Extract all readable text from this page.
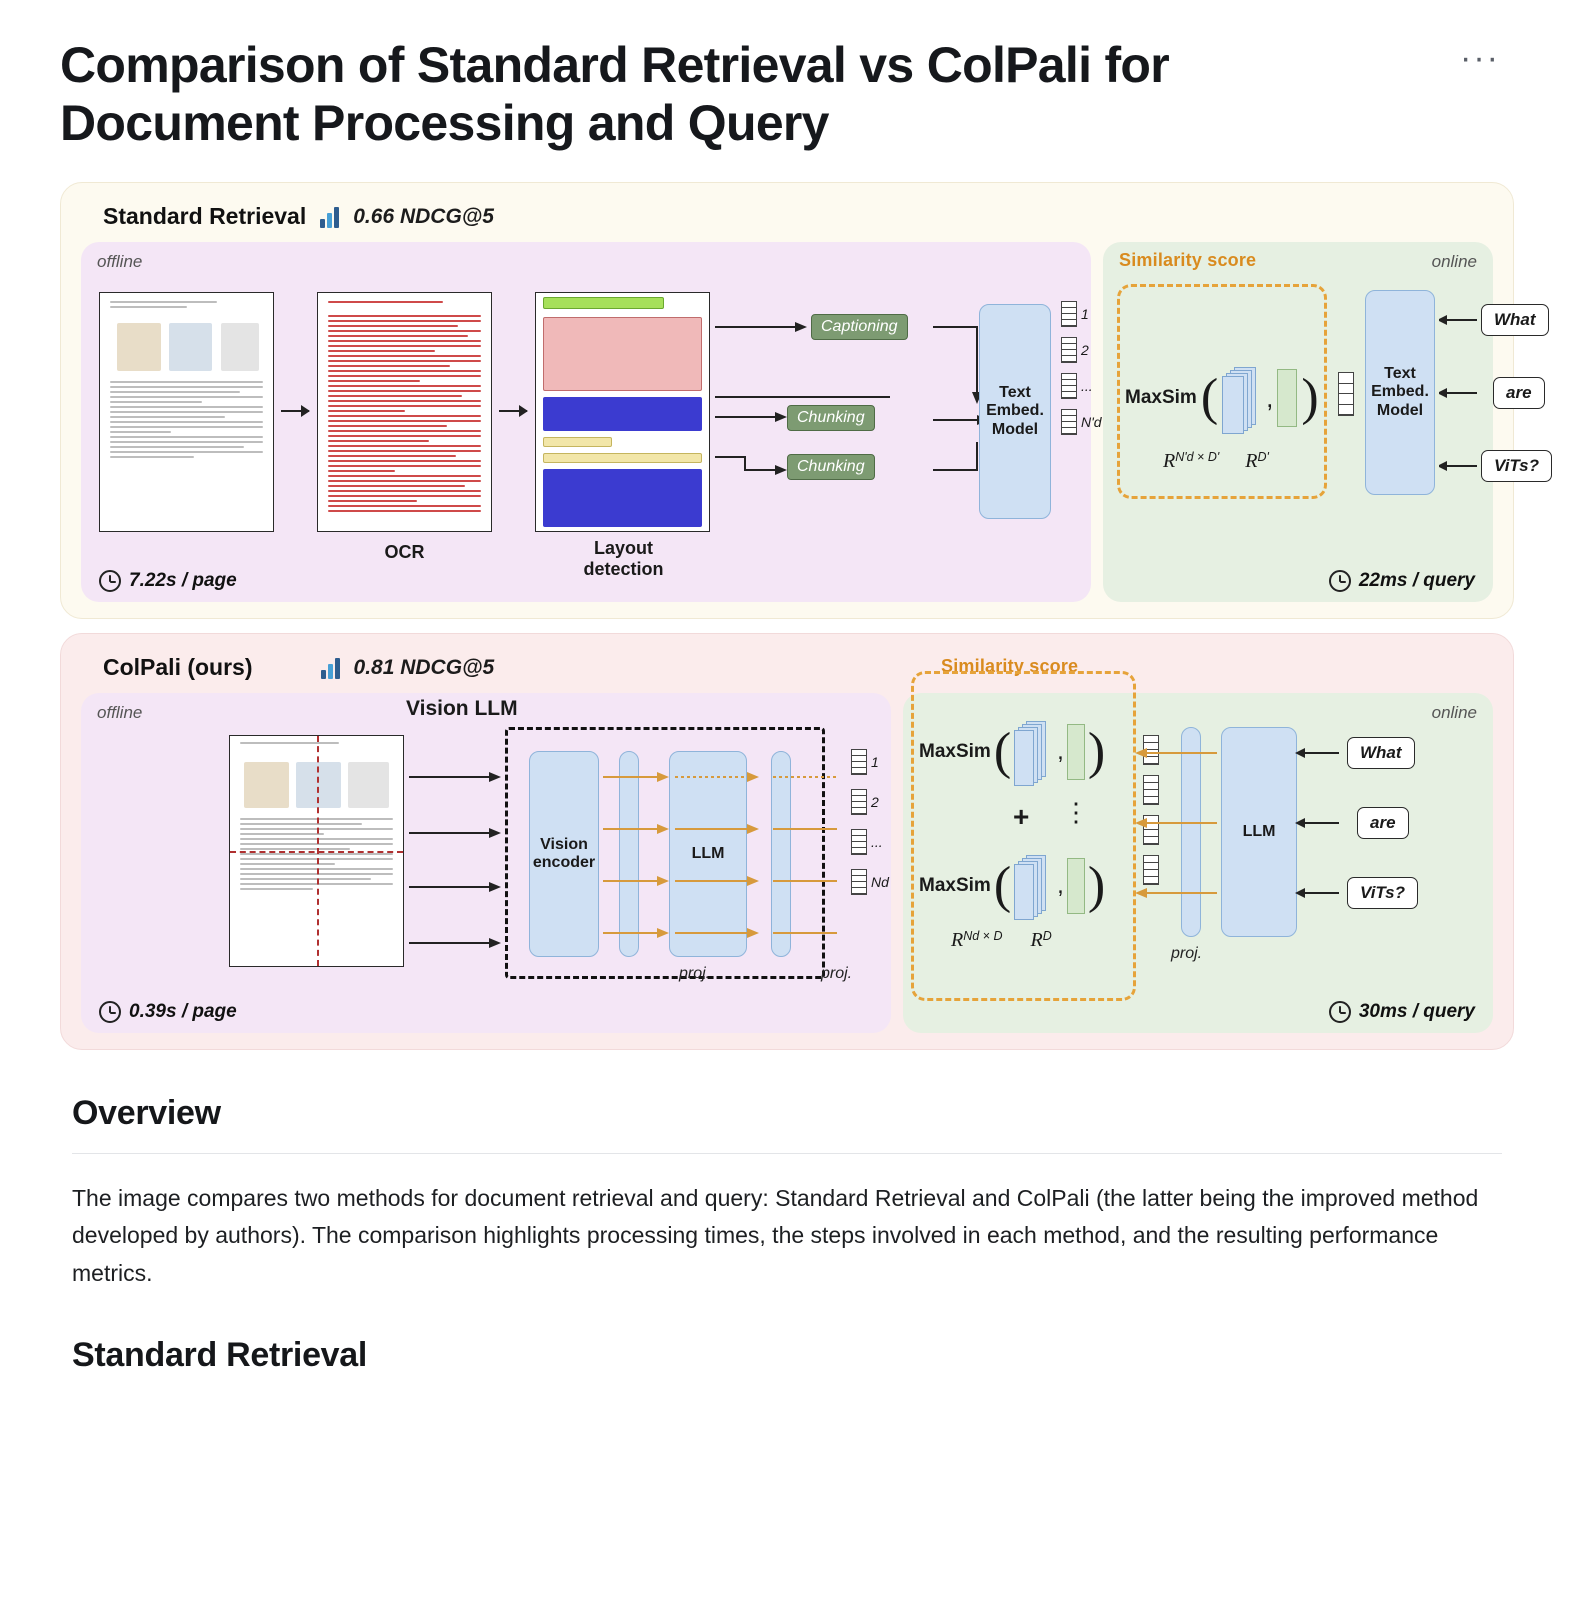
Comparison of Standard Retrieval vs ColPali for Document Processing and Query
···
Standard Retrieval 0.66 NDCG@5
offline
OCR	Layout
detection
Captioning
Chunking
Chunking
Text
Embed.
Model
7.22s / page
1
2
...
N'd
online
Similarity score
MaxSim ( , )
$R^{N'd \times D'}$ $R^{D'}$
Text
Embed.
Model
What
are
ViTs?
22ms / query
ColPali (ours)	0.81 NDCG@5	Similarity score
offline	Vision LLM
Vision
encoder
LLM
proj.	proj.
1
2
...
Nd
0.39s / page
online
MaxSim ( , )
+ ⋮
MaxSim ( , )
$R^{Nd \times D}$ $R^D$
proj.
LLM
What
are
ViTs?
30ms / query
Overview

The image compares two methods for document retrieval and query: Standard Retrieval and ColPali (the latter being the improved method developed by authors). The comparison highlights processing times, the steps involved in each method, and the resulting performance metrics.

Standard Retrieval
